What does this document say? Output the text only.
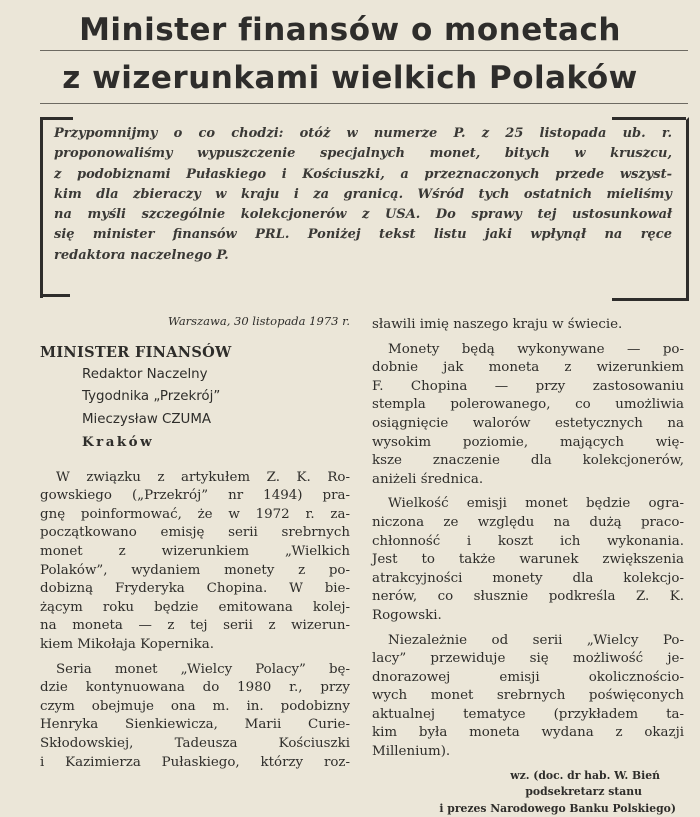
Minister finansów o monetach
z wizerunkami wielkich Polaków
Przypomnijmy o co chodzi: otóż w numerze P. z 25 listopada ub. r.
proponowaliśmy wypuszczenie specjalnych monet, bitych w kruszcu,
z podobiznami Pułaskiego i Kościuszki, a przeznaczonych przede wszyst-
kim dla zbieraczy w kraju i za granicą. Wśród tych ostatnich mieliśmy
na myśli szczególnie kolekcjonerów z USA. Do sprawy tej ustosunkował
się minister finansów PRL. Poniżej tekst listu jaki wpłynął na ręce
redaktora naczelnego P.
Warszawa, 30 listopada 1973 r.
MINISTER FINANSÓW
Redaktor Naczelny
Tygodnika „Przekrój”
Mieczysław CZUMA
Kraków
W związku z artykułem Z. K. Ro-
gowskiego („Przekrój” nr 1494) pra-
gnę poinformować, że w 1972 r. za-
początkowano emisję serii srebrnych
monet z wizerunkiem „Wielkich
Polaków”, wydaniem monety z po-
dobizną Fryderyka Chopina. W bie-
żącym roku będzie emitowana kolej-
na moneta — z tej serii z wizerun-
kiem Mikołaja Kopernika.
Seria monet „Wielcy Polacy” bę-
dzie kontynuowana do 1980 r., przy
czym obejmuje ona m. in. podobizny
Henryka Sienkiewicza, Marii Curie-
Skłodowskiej, Tadeusza Kościuszki
i Kazimierza Pułaskiego, którzy roz-
sławili imię naszego kraju w świecie.
Monety będą wykonywane — po-
dobnie jak moneta z wizerunkiem
F. Chopina — przy zastosowaniu
stempla polerowanego, co umożliwia
osiągnięcie walorów estetycznych na
wysokim poziomie, mających wię-
ksze znaczenie dla kolekcjonerów,
aniżeli średnica.
Wielkość emisji monet będzie ogra-
niczona ze względu na dużą praco-
chłonność i koszt ich wykonania.
Jest to także warunek zwiększenia
atrakcyjności monety dla kolekcjo-
nerów, co słusznie podkreśla Z. K.
Rogowski.
Niezależnie od serii „Wielcy Po-
lacy” przewiduje się możliwość je-
dnorazowej emisji okolicznościo-
wych monet srebrnych poświęconych
aktualnej tematyce (przykładem ta-
kim była moneta wydana z okazji
Millenium).
wz. (doc. dr hab. W. Bień
podsekretarz stanu
i prezes Narodowego Banku Polskiego)
